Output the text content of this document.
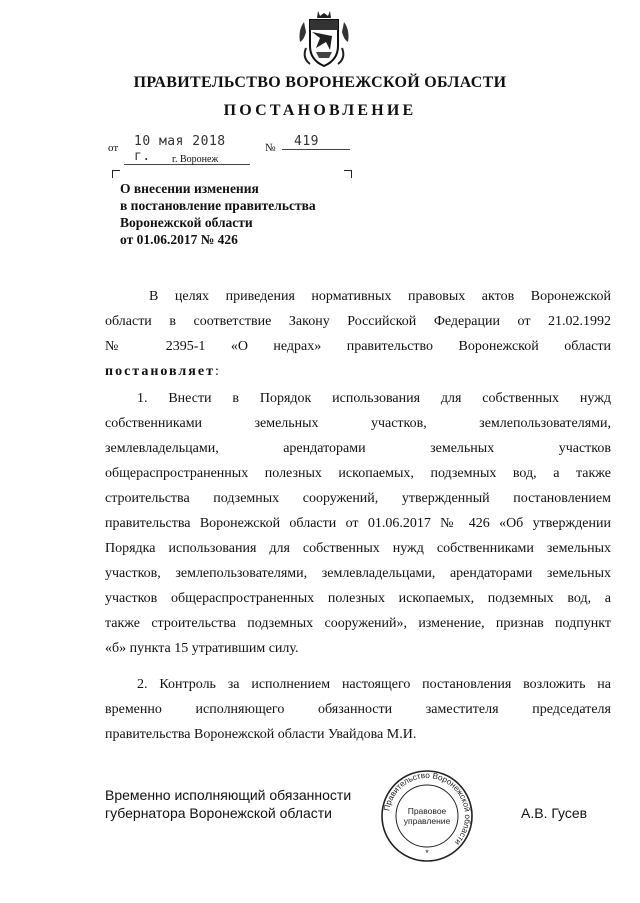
ПРАВИТЕЛЬСТВО ВОРОНЕЖСКОЙ ОБЛАСТИ
ПОСТАНОВЛЕНИЕ
от	10 мая 2018 г.
№	419
г. Воронеж
О внесении изменения
в постановление правительства
Воронежской области
от 01.06.2017 № 426
В целях приведения нормативных правовых актов Воронежской
области в соответствие Закону Российской Федерации от 21.02.1992
№ 2395-1 «О недрах» правительство Воронежской области
постановляет:
1. Внести в Порядок использования для собственных нужд
собственниками земельных участков, землепользователями,
землевладельцами, арендаторами земельных участков
общераспространенных полезных ископаемых, подземных вод, а также
строительства подземных сооружений, утвержденный постановлением
правительства Воронежской области от 01.06.2017 № 426 «Об утверждении
Порядка использования для собственных нужд собственниками земельных
участков, землепользователями, землевладельцами, арендаторами земельных
участков общераспространенных полезных ископаемых, подземных вод, а
также строительства подземных сооружений», изменение, признав подпункт
«б» пункта 15 утратившим силу.
2. Контроль за исполнением настоящего постановления возложить на
временно исполняющего обязанности заместителя председателя
правительства Воронежской области Увайдова М.И.
Временно исполняющий обязанности
губернатора Воронежской области	А.В. Гусев
Правительство Воронежской области
Правовое
управление
*
